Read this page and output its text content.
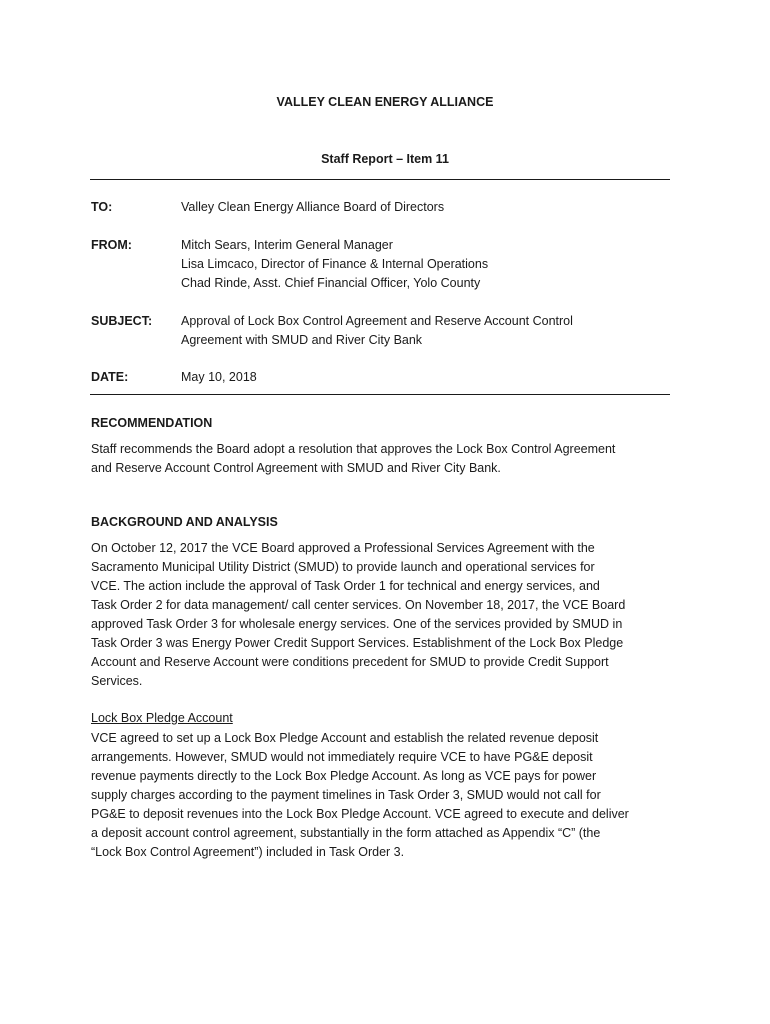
VALLEY CLEAN ENERGY ALLIANCE
Staff Report – Item 11
TO:	Valley Clean Energy Alliance Board of Directors
FROM:	Mitch Sears, Interim General Manager
Lisa Limcaco, Director of Finance & Internal Operations
Chad Rinde, Asst. Chief Financial Officer, Yolo County
SUBJECT: Approval of Lock Box Control Agreement and Reserve Account Control
Agreement with SMUD and River City Bank
DATE:	May 10, 2018
RECOMMENDATION
Staff recommends the Board adopt a resolution that approves the Lock Box Control Agreement
and Reserve Account Control Agreement with SMUD and River City Bank.
BACKGROUND AND ANALYSIS
On October 12, 2017 the VCE Board approved a Professional Services Agreement with the
Sacramento Municipal Utility District (SMUD) to provide launch and operational services for
VCE. The action include the approval of Task Order 1 for technical and energy services, and
Task Order 2 for data management/ call center services. On November 18, 2017, the VCE Board
approved Task Order 3 for wholesale energy services. One of the services provided by SMUD in
Task Order 3 was Energy Power Credit Support Services. Establishment of the Lock Box Pledge
Account and Reserve Account were conditions precedent for SMUD to provide Credit Support
Services.
Lock Box Pledge Account
VCE agreed to set up a Lock Box Pledge Account and establish the related revenue deposit
arrangements. However, SMUD would not immediately require VCE to have PG&E deposit
revenue payments directly to the Lock Box Pledge Account. As long as VCE pays for power
supply charges according to the payment timelines in Task Order 3, SMUD would not call for
PG&E to deposit revenues into the Lock Box Pledge Account. VCE agreed to execute and deliver
a deposit account control agreement, substantially in the form attached as Appendix “C” (the
“Lock Box Control Agreement”) included in Task Order 3.
